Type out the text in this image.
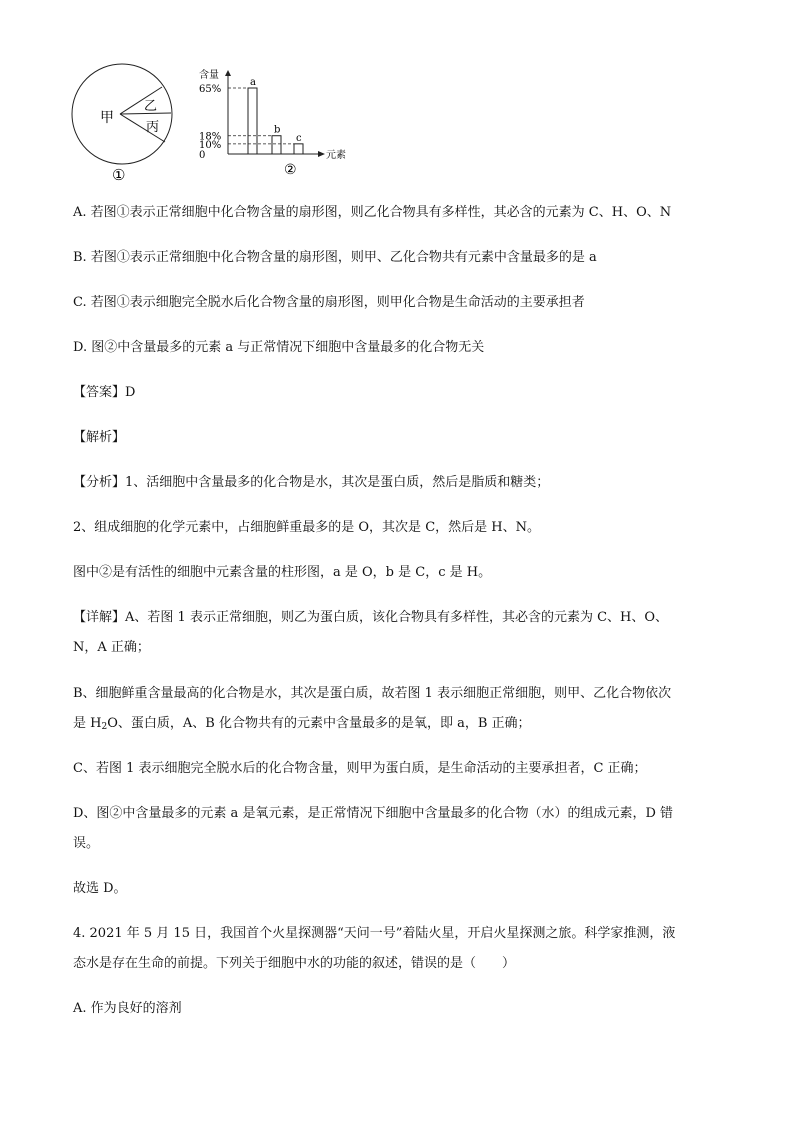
甲
乙
丙
①
含量
元素
②
65%
18%
10%
0
a
b
c
A. 若图①表示正常细胞中化合物含量的扇形图，则乙化合物具有多样性，其必含的元素为 C、H、O、N
B. 若图①表示正常细胞中化合物含量的扇形图，则甲、乙化合物共有元素中含量最多的是 a
C. 若图①表示细胞完全脱水后化合物含量的扇形图，则甲化合物是生命活动的主要承担者
D. 图②中含量最多的元素 a 与正常情况下细胞中含量最多的化合物无关
【答案】D
【解析】
【分析】1、活细胞中含量最多的化合物是水，其次是蛋白质，然后是脂质和糖类；
2、组成细胞的化学元素中，占细胞鲜重最多的是 O，其次是 C，然后是 H、N。
图中②是有活性的细胞中元素含量的柱形图，a 是 O，b 是 C，c 是 H。
【详解】A、若图 1 表示正常细胞，则乙为蛋白质，该化合物具有多样性，其必含的元素为 C、H、O、
N，A 正确；
B、细胞鲜重含量最高的化合物是水，其次是蛋白质，故若图 1 表示细胞正常细胞，则甲、乙化合物依次
是 $H_2O$、蛋白质，A、B 化合物共有的元素中含量最多的是氧，即 a，B 正确；
C、若图 1 表示细胞完全脱水后的化合物含量，则甲为蛋白质，是生命活动的主要承担者，C 正确；
D、图②中含量最多的元素 a 是氧元素，是正常情况下细胞中含量最多的化合物（水）的组成元素，D 错
误。
故选 D。
4. 2021 年 5 月 15 日，我国首个火星探测器“天问一号”着陆火星，开启火星探测之旅。科学家推测，液
态水是存在生命的前提。下列关于细胞中水的功能的叙述，错误的是（　　）
A. 作为良好的溶剂
